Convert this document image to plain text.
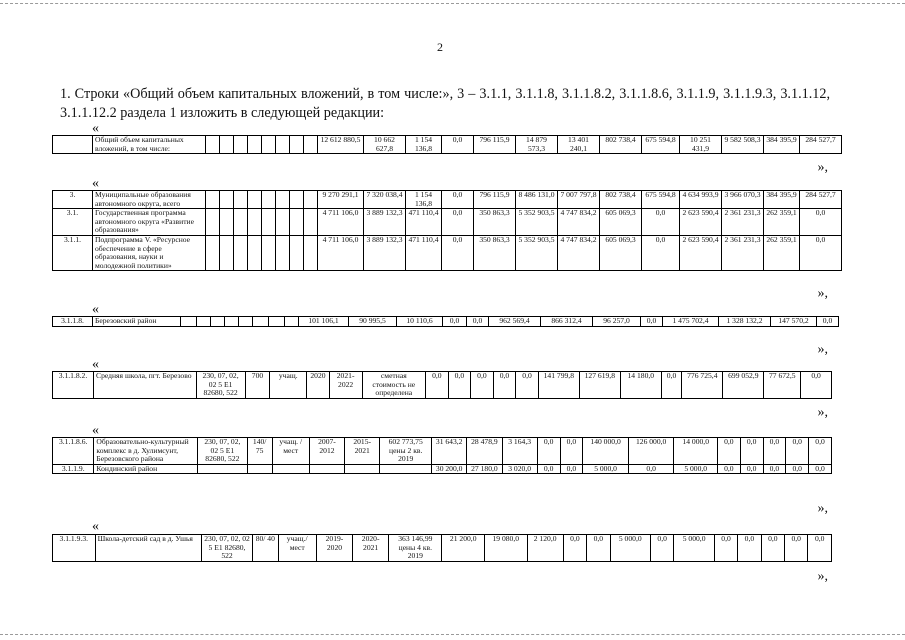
2
1. Строки «Общий объем капитальных вложений, в том числе:», 3 – 3.1.1, 3.1.1.8, 3.1.1.8.2, 3.1.1.8.6, 3.1.1.9, 3.1.1.9.3, 3.1.1.12, 3.1.1.12.2 раздела 1 изложить в следующей редакции:
«
	Общий объем капитальных вложений, в том числе:									12 612 880,5	10 662 627,8	1 154 136,8	0,0	796 115,9	14 879 573,3	13 401 240,1	802 738,4	675 594,8	10 251 431,9	9 582 508,3	384 395,9	284 527,7
»,
«
3.	Муниципальные образования автономного округа, всего									9 270 291,1	7 320 038,4	1 154 136,8	0,0	796 115,9	8 486 131,0	7 007 797,8	802 738,4	675 594,8	4 634 993,9	3 966 070,3	384 395,9	284 527,7
3.1.	Государственная программа автономного округа «Развитие образования»									4 711 106,0	3 889 132,3	471 110,4	0,0	350 863,3	5 352 903,5	4 747 834,2	605 069,3	0,0	2 623 590,4	2 361 231,3	262 359,1	0,0
3.1.1.	Подпрограмма V. «Ресурсное обеспечение в сфере образования, науки и молодежной политики»									4 711 106,0	3 889 132,3	471 110,4	0,0	350 863,3	5 352 903,5	4 747 834,2	605 069,3	0,0	2 623 590,4	2 361 231,3	262 359,1	0,0
»,
«
3.1.1.8.	Березовский район									101 106,1	90 995,5	10 110,6	0,0	0,0	962 569,4	866 312,4	96 257,0	0,0	1 475 702,4	1 328 132,2	147 570,2	0,0
»,
«
3.1.1.8.2.	Средняя школа, пгт. Березово	230, 07, 02, 02 5 Е1 82680, 522	700	учащ.	2020	2021-2022	сметная стоимость не определена	0,0	0,0	0,0	0,0	0,0	141 799,8	127 619,8	14 180,0	0,0	776 725,4	699 052,9	77 672,5	0,0
»,
«
3.1.1.8.6.	Образовательно-культурный комплекс в д. Хулимсунт, Березовского района	230, 07, 02, 02 5 Е1 82680, 522	140/ 75	учащ. / мест	2007-2012	2015-2021	602 773,75 цены 2 кв. 2019	31 643,2	28 478,9	3 164,3	0,0	0,0	140 000,0	126 000,0	14 000,0	0,0	0,0	0,0	0,0	0,0
3.1.1.9.	Кондинский район							30 200,0	27 180,0	3 020,0	0,0	0,0	5 000,0	0,0	5 000,0	0,0	0,0	0,0	0,0	0,0
»,
«
3.1.1.9.3.	Школа-детский сад в д. Ушья	230, 07, 02, 02 5 Е1 82680, 522	80/ 40	учащ./ мест	2019-2020	2020-2021	363 146,99 цены 4 кв. 2019	21 200,0	19 080,0	2 120,0	0,0	0,0	5 000,0	0,0	5 000,0	0,0	0,0	0,0	0,0	0,0
»,
